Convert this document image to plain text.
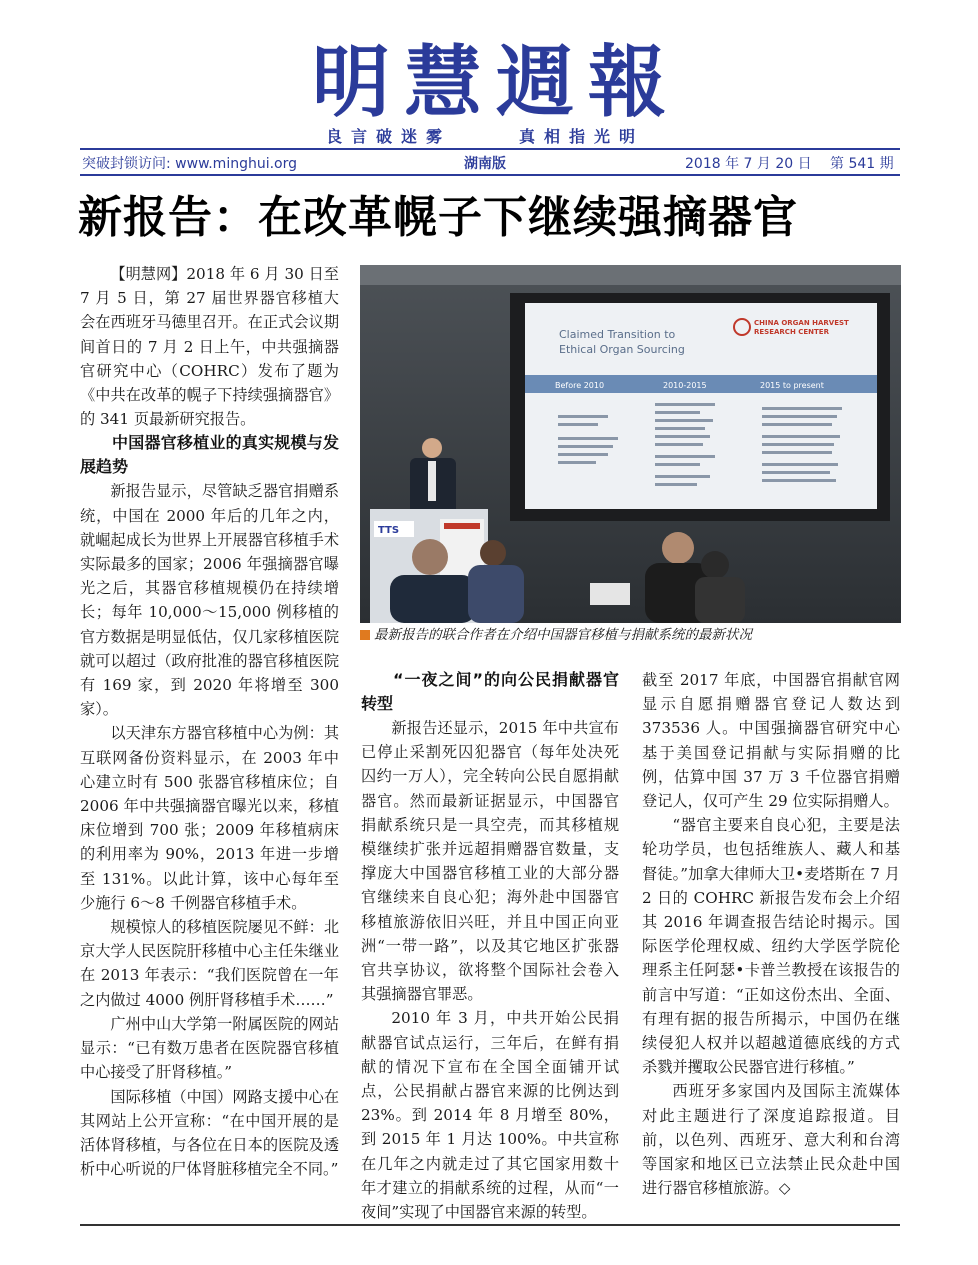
明慧週報
良言破迷雾	真相指光明
突破封锁访问: www.minghui.org	湖南版	2018 年 7 月 20 日 第 541 期
新报告：在改革幌子下继续强摘器官
Claimed Transition to
Ethical Organ Sourcing
CHINA ORGAN HARVEST
RESEARCH CENTER
Before 2010	2010-2015	2015 to present
TTS
最新报告的联合作者在介绍中国器官移植与捐献系统的最新状况

【明慧网】2018 年 6 月 30 日至 7 月 5 日，第 27 届世界器官移植大会在西班牙马德里召开。在正式会议期间首日的 7 月 2 日上午，中共强摘器官研究中心（COHRC）发布了题为《中共在改革的幌子下持续强摘器官》的 341 页最新研究报告。

中国器官移植业的真实规模与发展趋势

新报告显示，尽管缺乏器官捐赠系统，中国在 2000 年后的几年之内，就崛起成长为世界上开展器官移植手术实际最多的国家；2006 年强摘器官曝光之后，其器官移植规模仍在持续增长；每年 10,000～15,000 例移植的官方数据是明显低估，仅几家移植医院就可以超过（政府批准的器官移植医院有 169 家，到 2020 年将增至 300 家）。

以天津东方器官移植中心为例：其互联网备份资料显示，在 2003 年中心建立时有 500 张器官移植床位；自 2006 年中共强摘器官曝光以来，移植床位增到 700 张；2009 年移植病床的利用率为 90%，2013 年进一步增至 131%。以此计算，该中心每年至少施行 6～8 千例器官移植手术。

规模惊人的移植医院屡见不鲜：北京大学人民医院肝移植中心主任朱继业在 2013 年表示：“我们医院曾在一年之内做过 4000 例肝肾移植手术……”

广州中山大学第一附属医院的网站显示：“已有数万患者在医院器官移植中心接受了肝肾移植。”

国际移植（中国）网路支援中心在其网站上公开宣称：“在中国开展的是活体肾移植，与各位在日本的医院及透析中心听说的尸体肾脏移植完全不同。”

“一夜之间”的向公民捐献器官转型

新报告还显示，2015 年中共宣布已停止采割死囚犯器官（每年处决死囚约一万人），完全转向公民自愿捐献器官。然而最新证据显示，中国器官捐献系统只是一具空壳，而其移植规模继续扩张并远超捐赠器官数量，支撑庞大中国器官移植工业的大部分器官继续来自良心犯；海外赴中国器官移植旅游依旧兴旺，并且中国正向亚洲“一带一路”，以及其它地区扩张器官共享协议，欲将整个国际社会卷入其强摘器官罪恶。

2010 年 3 月，中共开始公民捐献器官试点运行，三年后，在鲜有捐献的情况下宣布在全国全面铺开试点，公民捐献占器官来源的比例达到 23%。到 2014 年 8 月增至 80%，到 2015 年 1 月达 100%。中共宣称在几年之内就走过了其它国家用数十年才建立的捐献系统的过程，从而“一夜间”实现了中国器官来源的转型。

截至 2017 年底，中国器官捐献官网显示自愿捐赠器官登记人数达到 373536 人。中国强摘器官研究中心基于美国登记捐献与实际捐赠的比例，估算中国 37 万 3 千位器官捐赠登记人，仅可产生 29 位实际捐赠人。

“器官主要来自良心犯，主要是法轮功学员，也包括维族人、藏人和基督徒。”加拿大律师大卫•麦塔斯在 7 月 2 日的 COHRC 新报告发布会上介绍其 2016 年调查报告结论时揭示。国际医学伦理权威、纽约大学医学院伦理系主任阿瑟•卡普兰教授在该报告的前言中写道：“正如这份杰出、全面、有理有据的报告所揭示，中国仍在继续侵犯人权并以超越道德底线的方式杀戮并攫取公民器官进行移植。”

西班牙多家国内及国际主流媒体对此主题进行了深度追踪报道。目前，以色列、西班牙、意大利和台湾等国家和地区已立法禁止民众赴中国进行器官移植旅游。◇
